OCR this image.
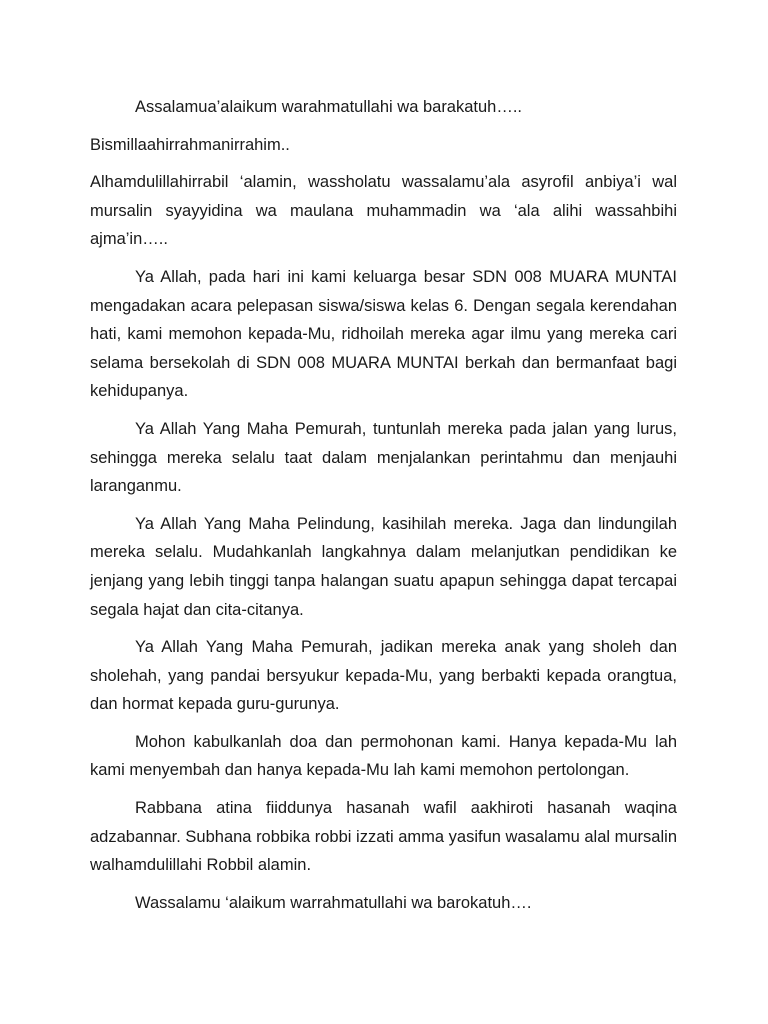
Assalamua’alaikum warahmatullahi wa barakatuh…..

Bismillaahirrahmanirrahim..

Alhamdulillahirrabil ‘alamin, wassholatu wassalamu’ala asyrofil anbiya’i wal mursalin syayyidina wa maulana muhammadin wa ‘ala alihi wassahbihi ajma’in…..

Ya Allah, pada hari ini kami keluarga besar SDN 008 MUARA MUNTAI mengadakan acara pelepasan siswa/siswa kelas 6. Dengan segala kerendahan hati, kami memohon kepada-Mu, ridhoilah mereka agar ilmu yang mereka cari selama bersekolah di SDN 008 MUARA MUNTAI berkah dan bermanfaat bagi kehidupanya.

Ya Allah Yang Maha Pemurah, tuntunlah mereka pada jalan yang lurus, sehingga mereka selalu taat dalam menjalankan perintahmu dan menjauhi laranganmu.

Ya Allah Yang Maha Pelindung, kasihilah mereka. Jaga dan lindungilah mereka selalu. Mudahkanlah langkahnya dalam melanjutkan pendidikan ke jenjang yang lebih tinggi tanpa halangan suatu apapun sehingga dapat tercapai segala hajat dan cita-citanya.

Ya Allah Yang Maha Pemurah, jadikan mereka anak yang sholeh dan sholehah, yang pandai bersyukur kepada-Mu, yang berbakti kepada orangtua, dan hormat kepada guru-gurunya.

Mohon kabulkanlah doa dan permohonan kami. Hanya kepada-Mu lah kami menyembah dan hanya kepada-Mu lah kami memohon pertolongan.

Rabbana atina fiiddunya hasanah wafil aakhiroti hasanah waqina adzabannar. Subhana robbika robbi izzati amma yasifun wasalamu alal mursalin walhamdulillahi Robbil alamin.

Wassalamu ‘alaikum warrahmatullahi wa barokatuh….
